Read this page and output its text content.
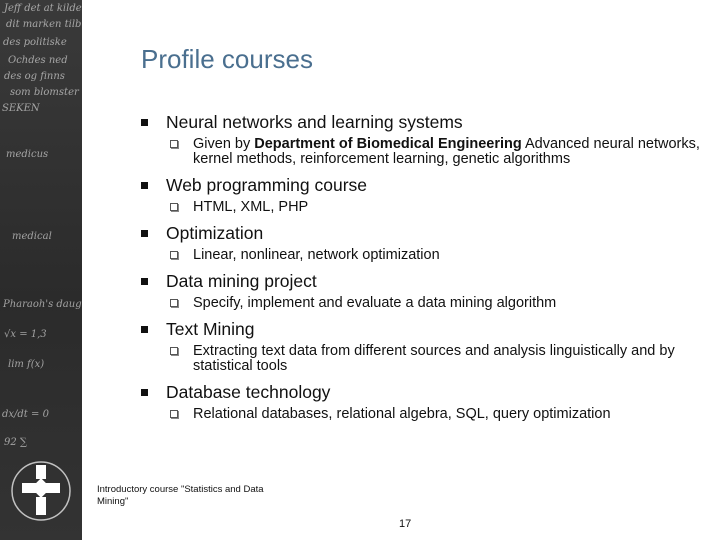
Jeff det at kilde
dit marken tilb
des politiske
Ochdes ned
des og finns
som blomster
SEKEN
medicus
medical
Pharaoh's daughter
√x = 1,3
lim f(x)
dx/dt = 0
92 ∑
Profile courses
Neural networks and learning systems
Given by Department of Biomedical Engineering Advanced neural networks, kernel methods, reinforcement learning, genetic algorithms
Web programming course
HTML, XML, PHP
Optimization
Linear, nonlinear, network optimization
Data mining project
Specify, implement and evaluate a data mining algorithm
Text Mining
Extracting text data from different sources and analysis linguistically and by statistical tools
Database technology
Relational databases, relational algebra, SQL, query optimization
Introductory course "Statistics and Data Mining"
17
